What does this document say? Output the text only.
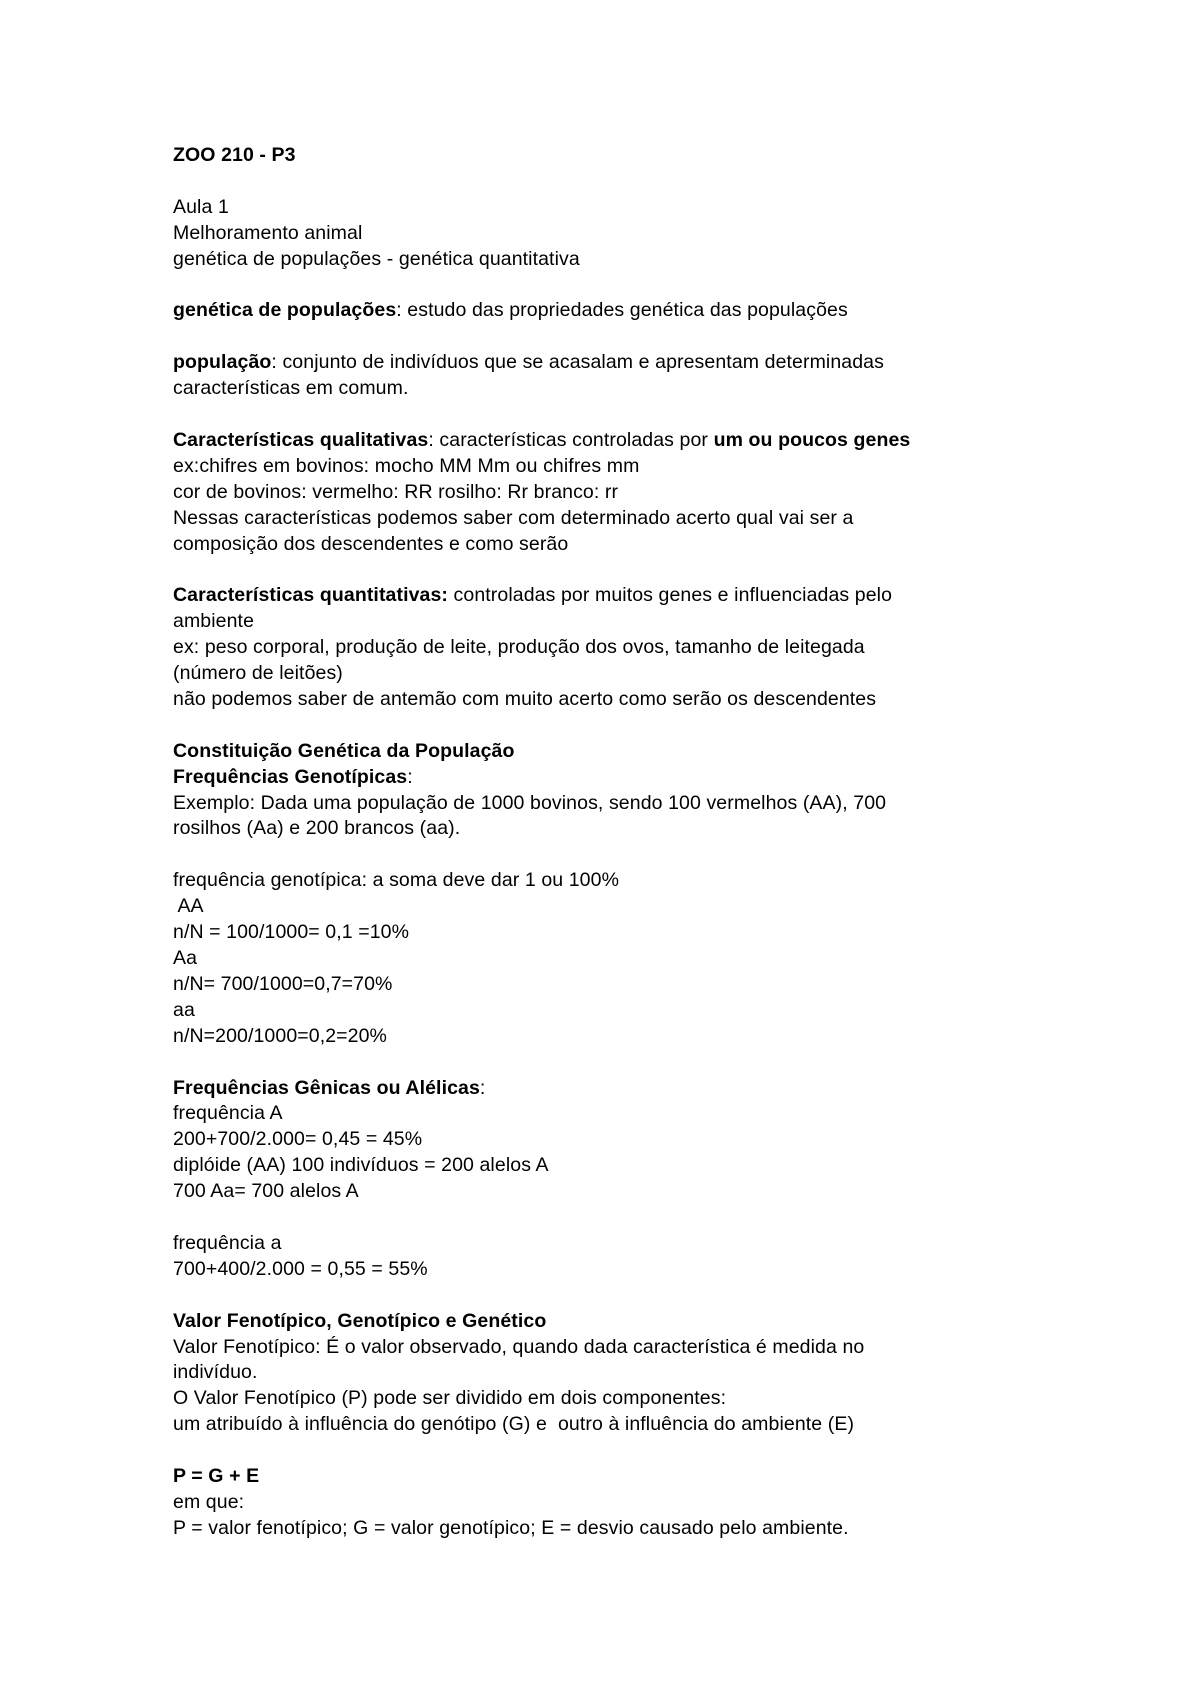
ZOO 210 - P3
Aula 1
Melhoramento animal
genética de populações - genética quantitativa
genética de populações: estudo das propriedades genética das populações
população: conjunto de indivíduos que se acasalam e apresentam determinadas
características em comum.
Características qualitativas: características controladas por um ou poucos genes
ex:chifres em bovinos: mocho MM Mm ou chifres mm
cor de bovinos: vermelho: RR rosilho: Rr branco: rr
Nessas características podemos saber com determinado acerto qual vai ser a
composição dos descendentes e como serão
Características quantitativas: controladas por muitos genes e influenciadas pelo
ambiente
ex: peso corporal, produção de leite, produção dos ovos, tamanho de leitegada
(número de leitões)
não podemos saber de antemão com muito acerto como serão os descendentes
Constituição Genética da População
Frequências Genotípicas:
Exemplo: Dada uma população de 1000 bovinos, sendo 100 vermelhos (AA), 700
rosilhos (Aa) e 200 brancos (aa).
frequência genotípica: a soma deve dar 1 ou 100%
AA
n/N = 100/1000= 0,1 =10%
Aa
n/N= 700/1000=0,7=70%
aa
n/N=200/1000=0,2=20%
Frequências Gênicas ou Alélicas:
frequência A
200+700/2.000= 0,45 = 45%
diplóide (AA) 100 indivíduos = 200 alelos A
700 Aa= 700 alelos A
frequência a
700+400/2.000 = 0,55 = 55%
Valor Fenotípico, Genotípico e Genético
Valor Fenotípico: É o valor observado, quando dada característica é medida no
indivíduo.
O Valor Fenotípico (P) pode ser dividido em dois componentes:
um atribuído à influência do genótipo (G) e  outro à influência do ambiente (E)
P = G + E
em que:
P = valor fenotípico; G = valor genotípico; E = desvio causado pelo ambiente.
